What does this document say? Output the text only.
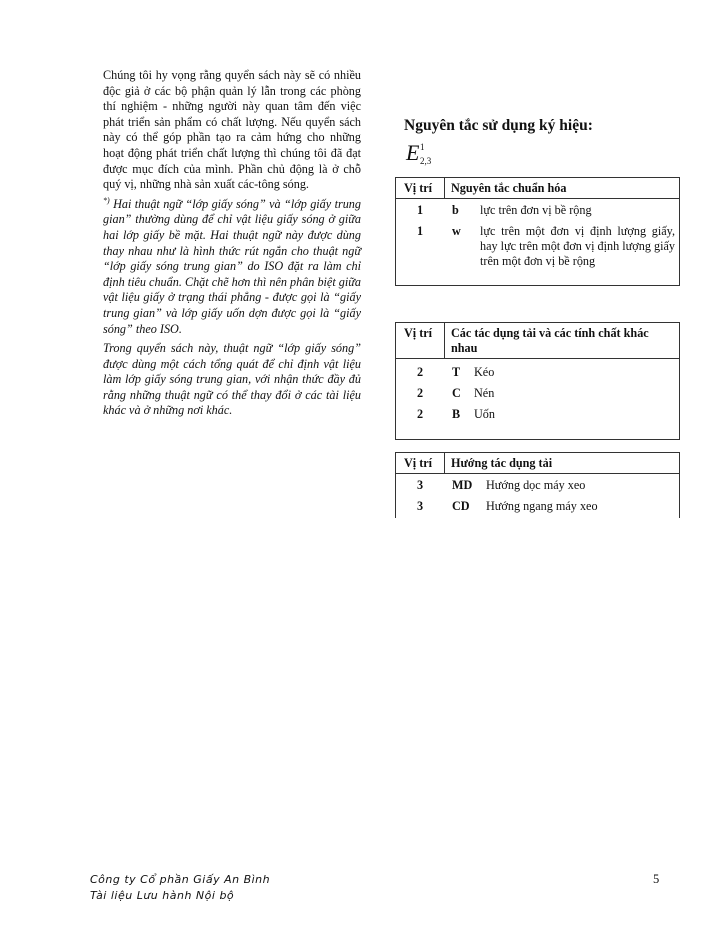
Chúng tôi hy vọng rằng quyển sách này sẽ có nhiều độc giả ở các bộ phận quản lý lẫn trong các phòng thí nghiệm - những người này quan tâm đến việc phát triển sản phẩm có chất lượng. Nếu quyển sách này có thể góp phần tạo ra cảm hứng cho những hoạt động phát triển chất lượng thì chúng tôi đã đạt được mục đích của mình. Phần chủ động là ở chỗ quý vị, những nhà sản xuất các-tông sóng.

*) Hai thuật ngữ “lớp giấy sóng” và “lớp giấy trung gian” thường dùng để chỉ vật liệu giấy sóng ở giữa hai lớp giấy bề mặt. Hai thuật ngữ này được dùng thay nhau như là hình thức rút ngắn cho thuật ngữ “lớp giấy sóng trung gian” do ISO đặt ra làm chỉ định tiêu chuẩn. Chặt chẽ hơn thì nên phân biệt giữa vật liệu giấy ở trạng thái phẳng - được gọi là “giấy trung gian” và lớp giấy uốn dợn được gọi là “giấy sóng” theo ISO.

Trong quyển sách này, thuật ngữ “lớp giấy sóng” được dùng một cách tổng quát để chỉ định vật liệu làm lớp giấy sóng trung gian, với nhận thức đầy đủ rằng những thuật ngữ có thể thay đổi ở các tài liệu khác và ở những nơi khác.

Nguyên tắc sử dụng ký hiệu:
E 1
2,3
Vị trí	Nguyên tắc chuẩn hóa

1	b	lực trên đơn vị bề rộng
1	w	lực trên một đơn vị định lượng giấy, hay lực trên một đơn vị định lượng giấy trên một đơn vị bề rộng
Vị trí	Các tác dụng tải và các tính chất khác nhau

2	T	Kéo
2	C	Nén
2	B	Uốn
Vị trí	Hướng tác dụng tải

3	MD	Hướng dọc máy xeo
3	CD	Hướng ngang máy xeo
Công ty Cổ phần Giấy An Bình
Tài liệu Lưu hành Nội bộ
5
